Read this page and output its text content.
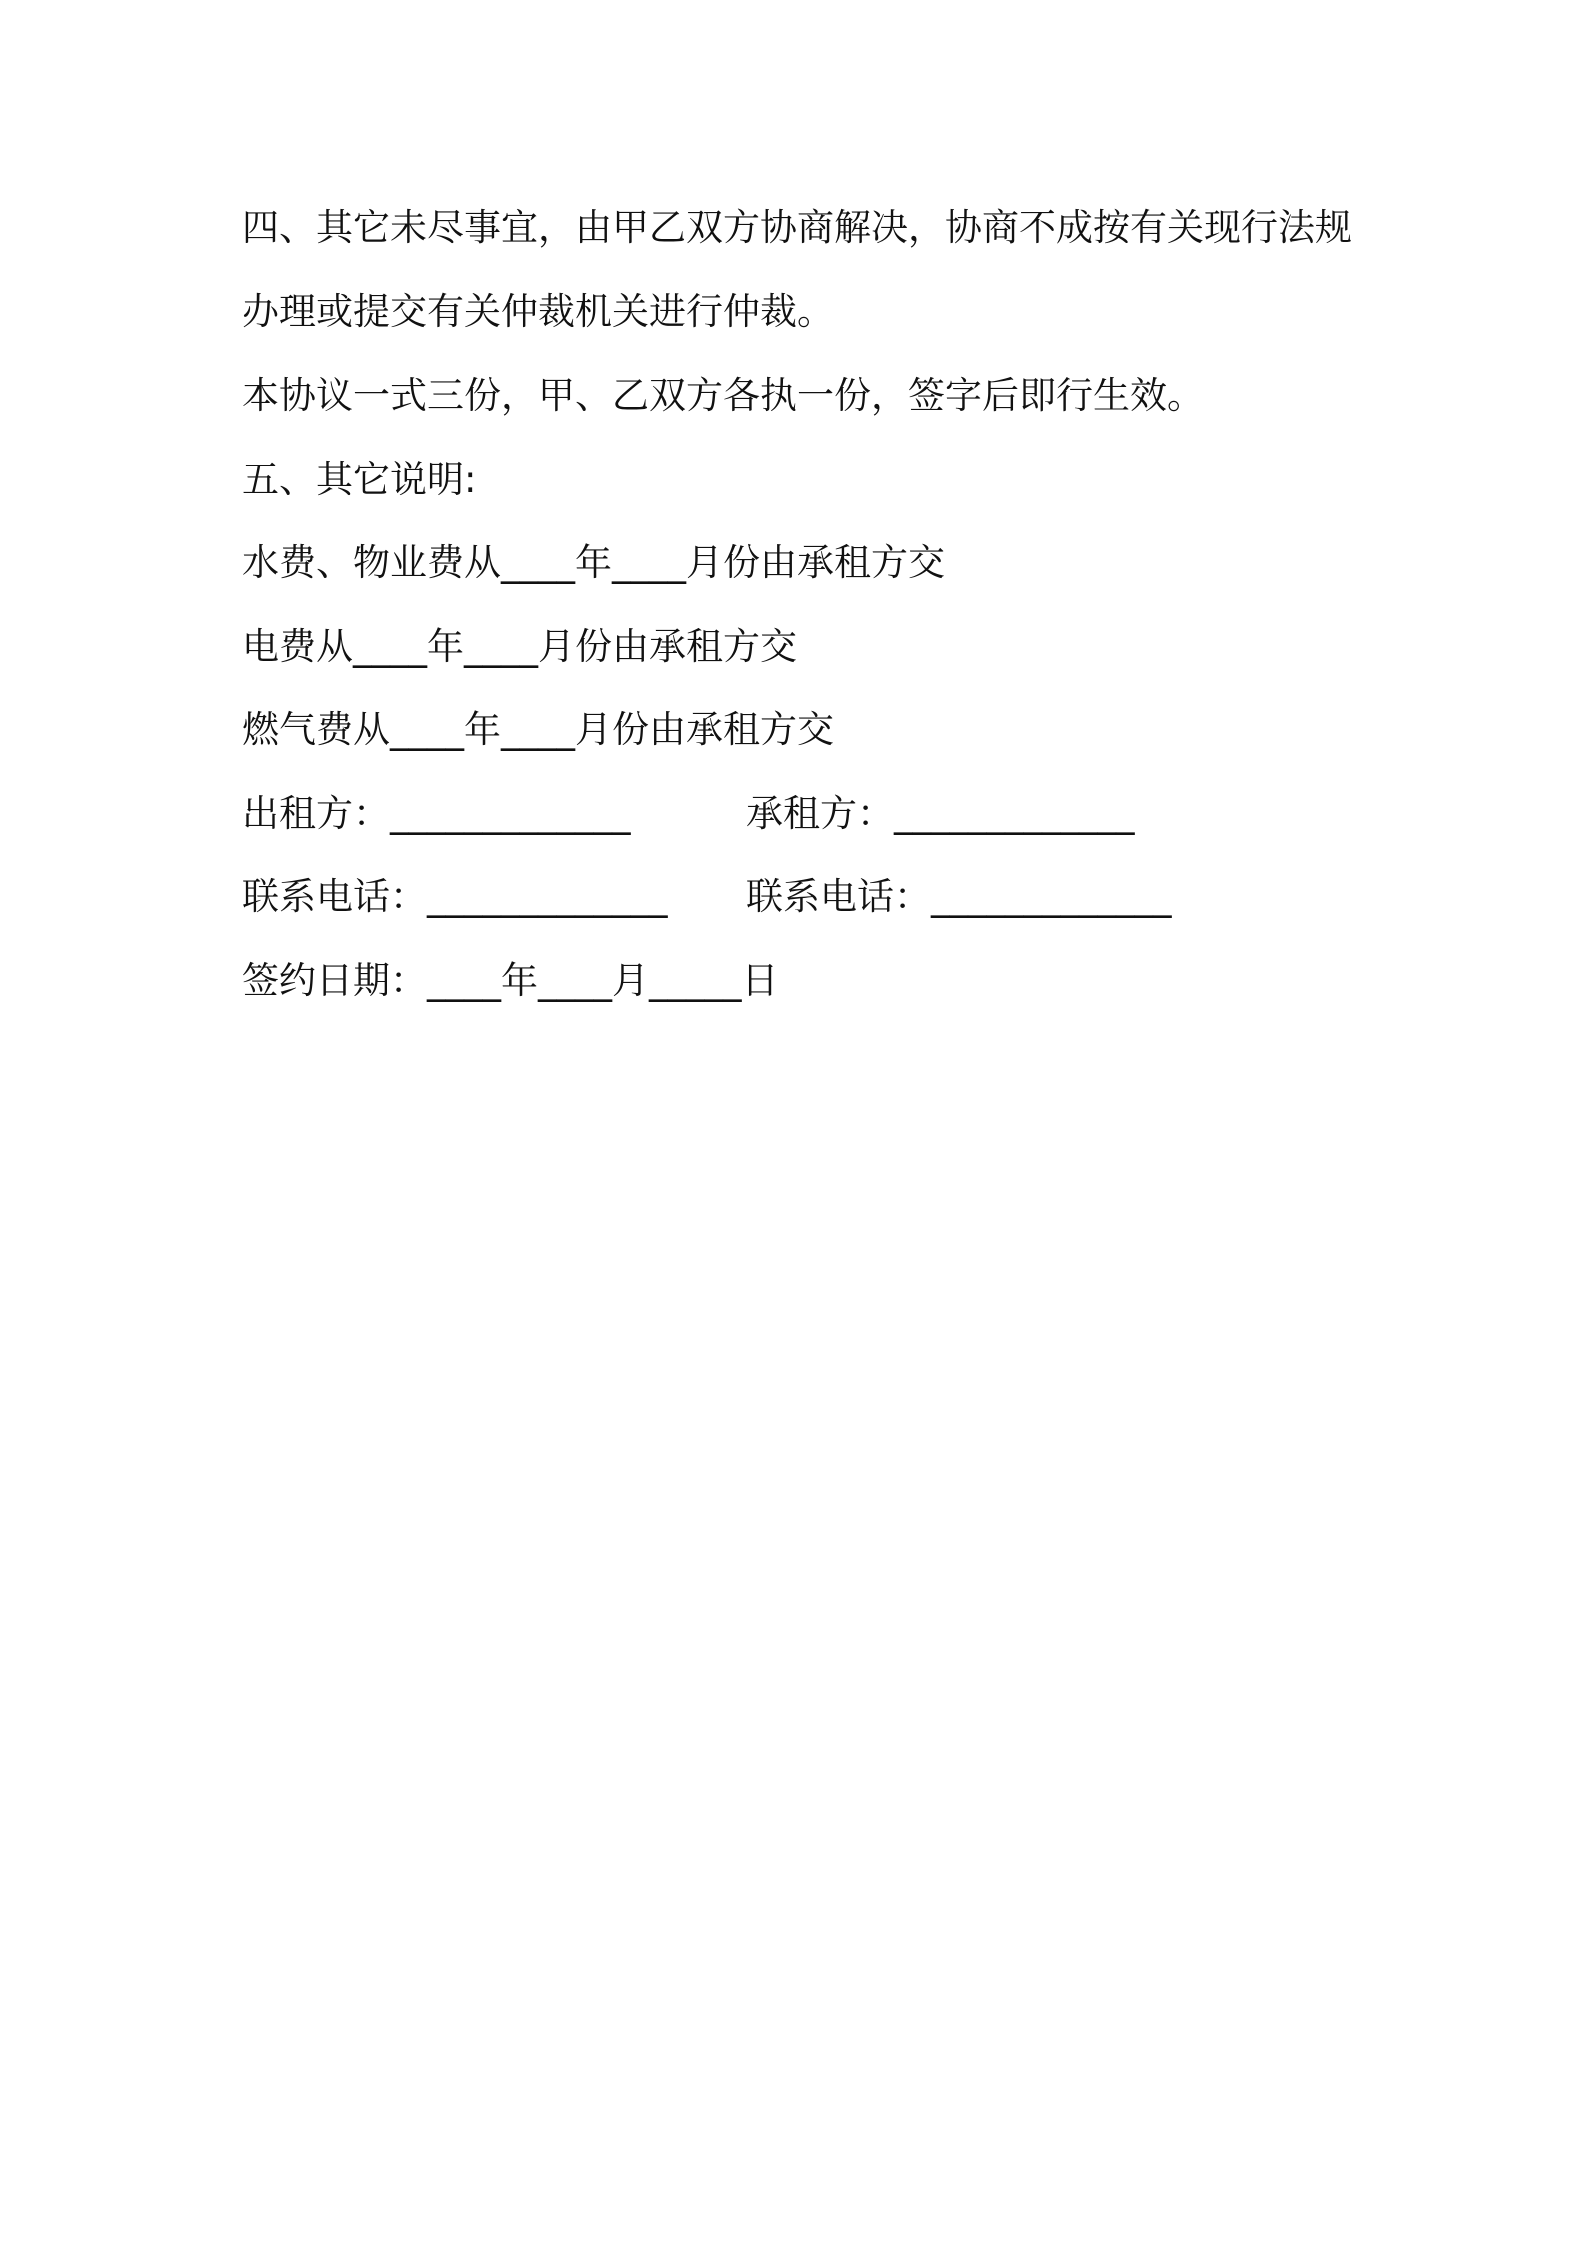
四、其它未尽事宜，由甲乙双方协商解决，协商不成按有关现行法规
办理或提交有关仲裁机关进行仲裁。
本协议一式三份，甲、乙双方各执一份，签字后即行生效。
五、其它说明:
水费、物业费从____年____月份由承租方交
电费从____年____月份由承租方交
燃气费从____年____月份由承租方交
出租方：_____________	承租方：_____________
联系电话：_____________ 联系电话：_____________
签约日期：____年____月_____日
